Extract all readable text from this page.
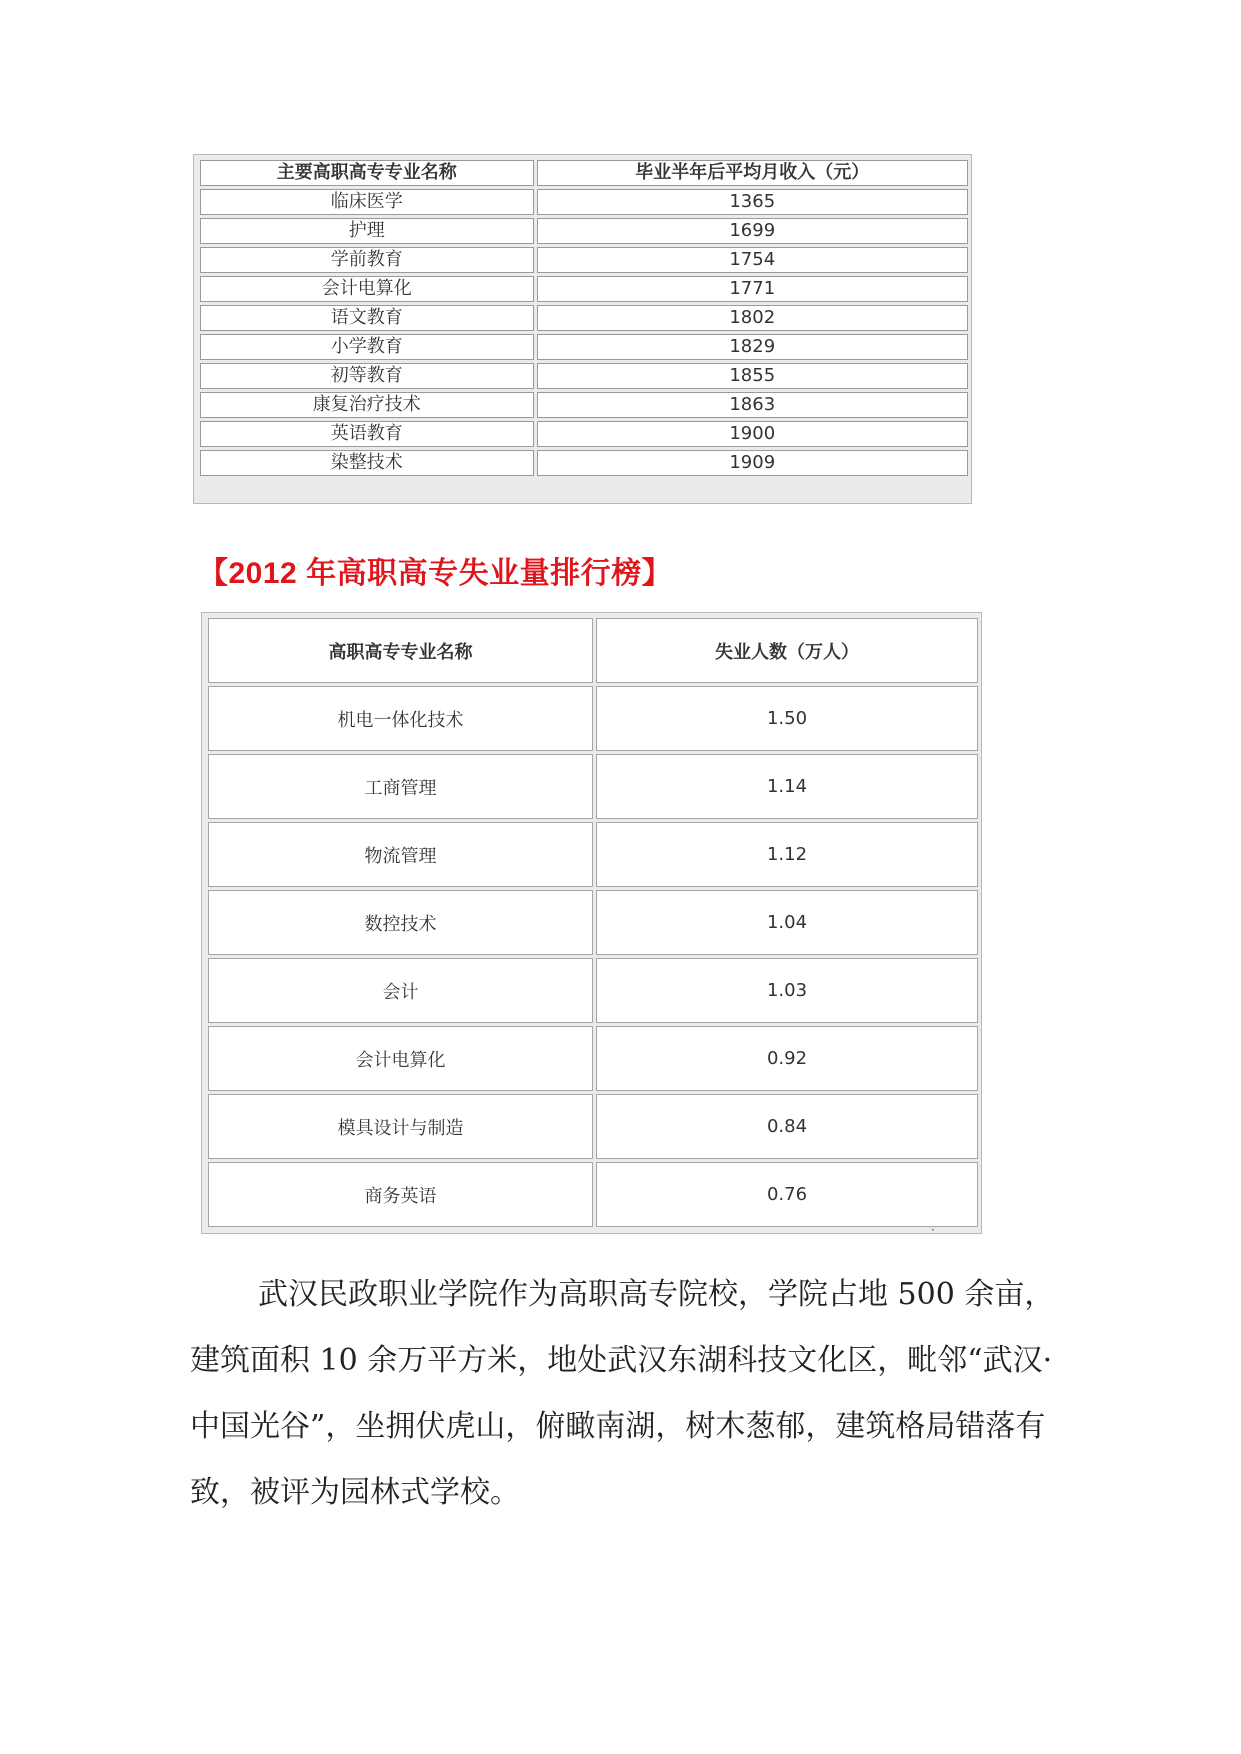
主要高职高专专业名称	毕业半年后平均月收入（元）
临床医学	1365
护理	1699
学前教育	1754
会计电算化	1771
语文教育	1802
小学教育	1829
初等教育	1855
康复治疗技术	1863
英语教育	1900
染整技术	1909
【2012 年高职高专失业量排行榜】
高职高专专业名称	失业人数（万人）
机电一体化技术	1.50
工商管理	1.14
物流管理	1.12
数控技术	1.04
会计	1.03
会计电算化	0.92
模具设计与制造	0.84
商务英语	0.76
·

武汉民政职业学院作为高职高专院校，学院占地 500 余亩，建筑面积 10 余万平方米，地处武汉东湖科技文化区，毗邻“武汉·中国光谷”，坐拥伏虎山，俯瞰南湖，树木葱郁，建筑格局错落有致，被评为园林式学校。
